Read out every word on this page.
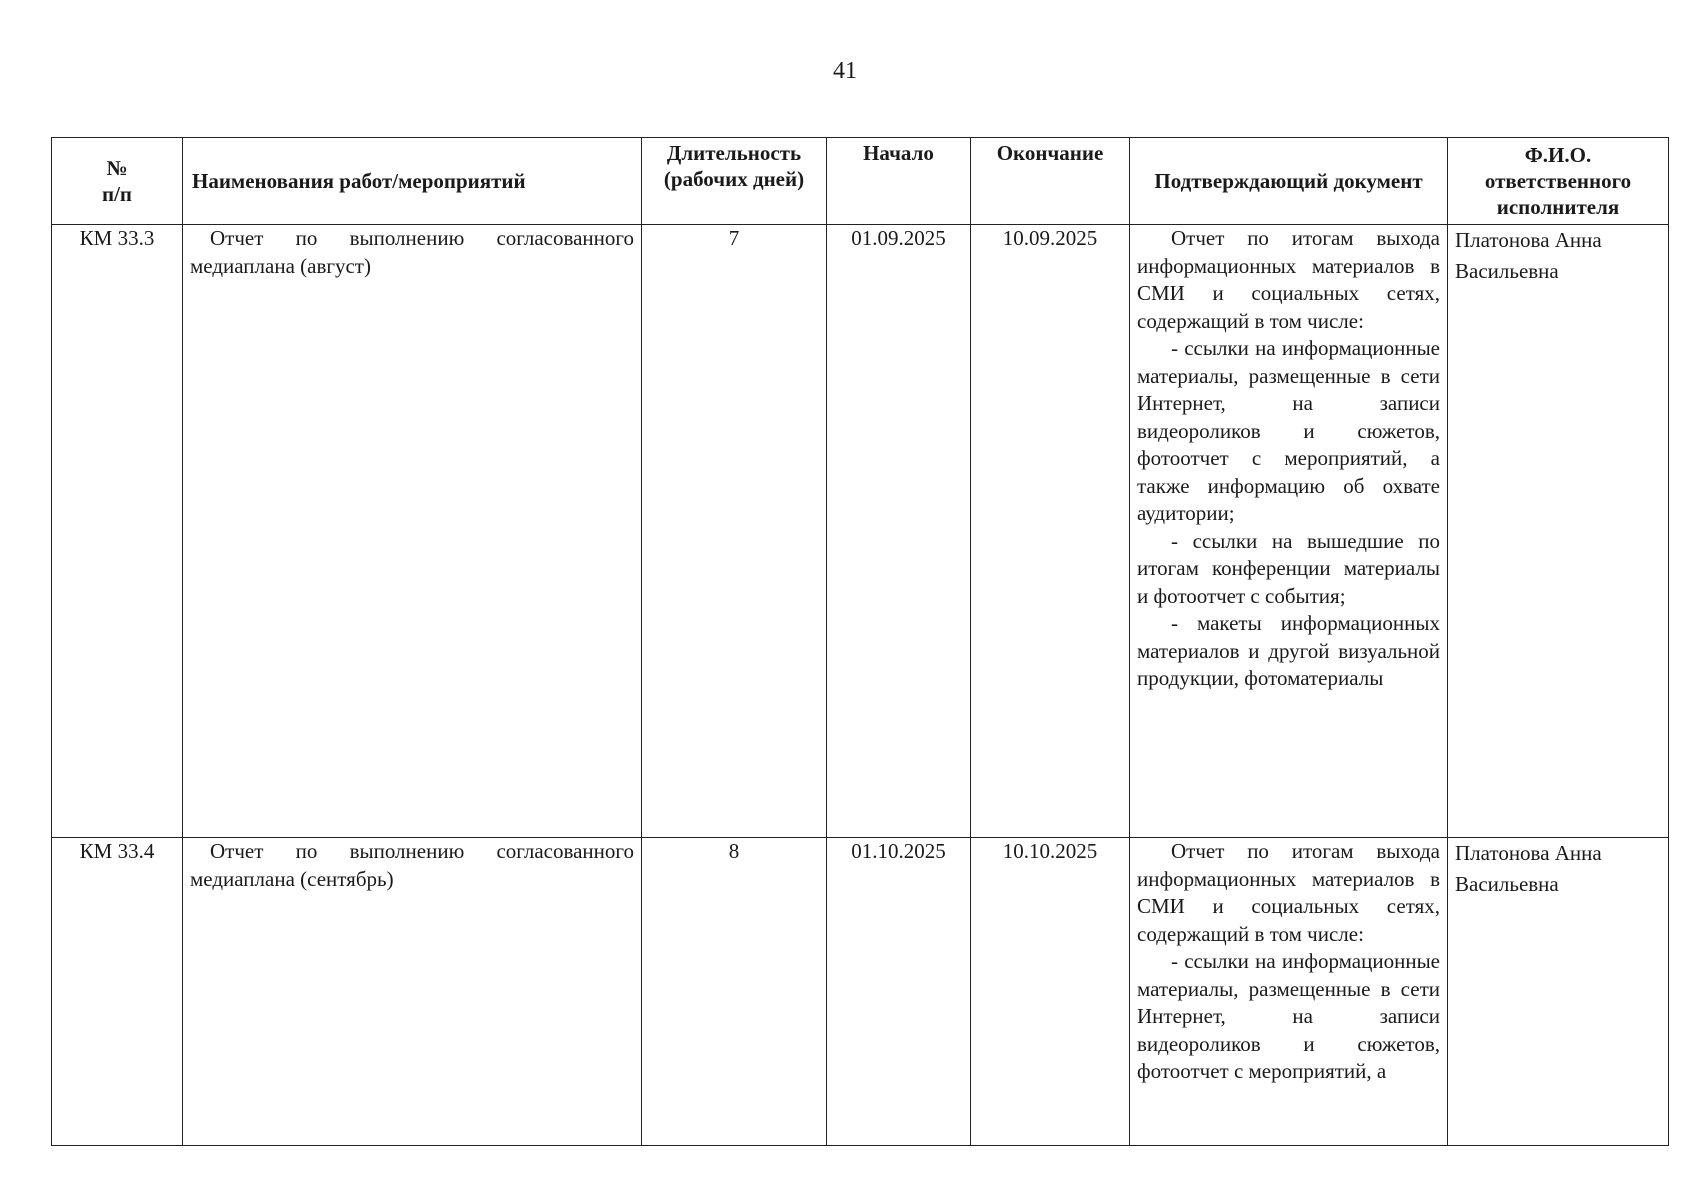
41
№
п/п	Наименования работ/мероприятий	Длительность (рабочих дней)	Начало	Окончание	Подтверждающий документ	Ф.И.О. ответственного исполнителя
КМ 33.3	Отчет по выполнению согласованного медиаплана (август)	7	01.09.2025	10.09.2025	Отчет по итогам выхода информационных материалов в СМИ и социальных сетях, содержащий в том числе:

- ссылки на информационные материалы, размещенные в сети Интернет, на записи видеороликов и сюжетов, фотоотчет с мероприятий, а также информацию об охвате аудитории;

- ссылки на вышедшие по итогам конференции материалы и фотоотчет с события;

- макеты информационных материалов и другой визуальной продукции, фотоматериалы	Платонова Анна Васильевна
КМ 33.4	Отчет по выполнению согласованного медиаплана (сентябрь)	8	01.10.2025	10.10.2025	Отчет по итогам выхода информационных материалов в СМИ и социальных сетях, содержащий в том числе:

- ссылки на информационные материалы, размещенные в сети Интернет, на записи видеороликов и сюжетов, фотоотчет с мероприятий, а	Платонова Анна Васильевна
